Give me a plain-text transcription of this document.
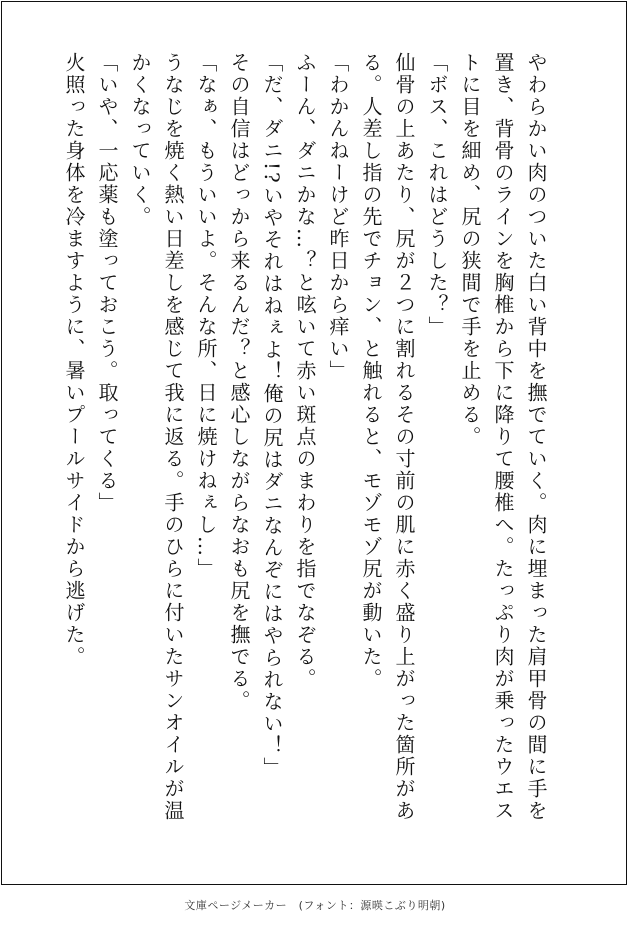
やわらかい肉のついた白い背中を撫でていく。肉に埋まった肩甲骨の間に手を置き、背骨のラインを胸椎から下に降りて腰椎へ。たっぷり肉が乗ったウエストに目を細め、尻の狭間で手を止める。

「ボス、これはどうした？」

仙骨の上あたり、尻が２つに割れるその寸前の肌に赤く盛り上がった箇所がある。人差し指の先でチョン、と触れると、モゾモゾ尻が動いた。

「わかんねーけど昨日から痒い」

ふーん、ダニかな…？と呟いて赤い斑点のまわりを指でなぞる。

「だ、ダニ!?いやそれはねぇよ！俺の尻はダニなんぞにはやられない！」

その自信はどっから来るんだ？と感心しながらなおも尻を撫でる。

「なぁ、もういいよ。そんな所、日に焼けねぇし…」

うなじを焼く熱い日差しを感じて我に返る。手のひらに付いたサンオイルが温かくなっていく。

「いや、一応薬も塗っておこう。取ってくる」

火照った身体を冷ますように、暑いプールサイドから逃げた。

文庫ページメーカー　(フォント：源暎こぶり明朝)
